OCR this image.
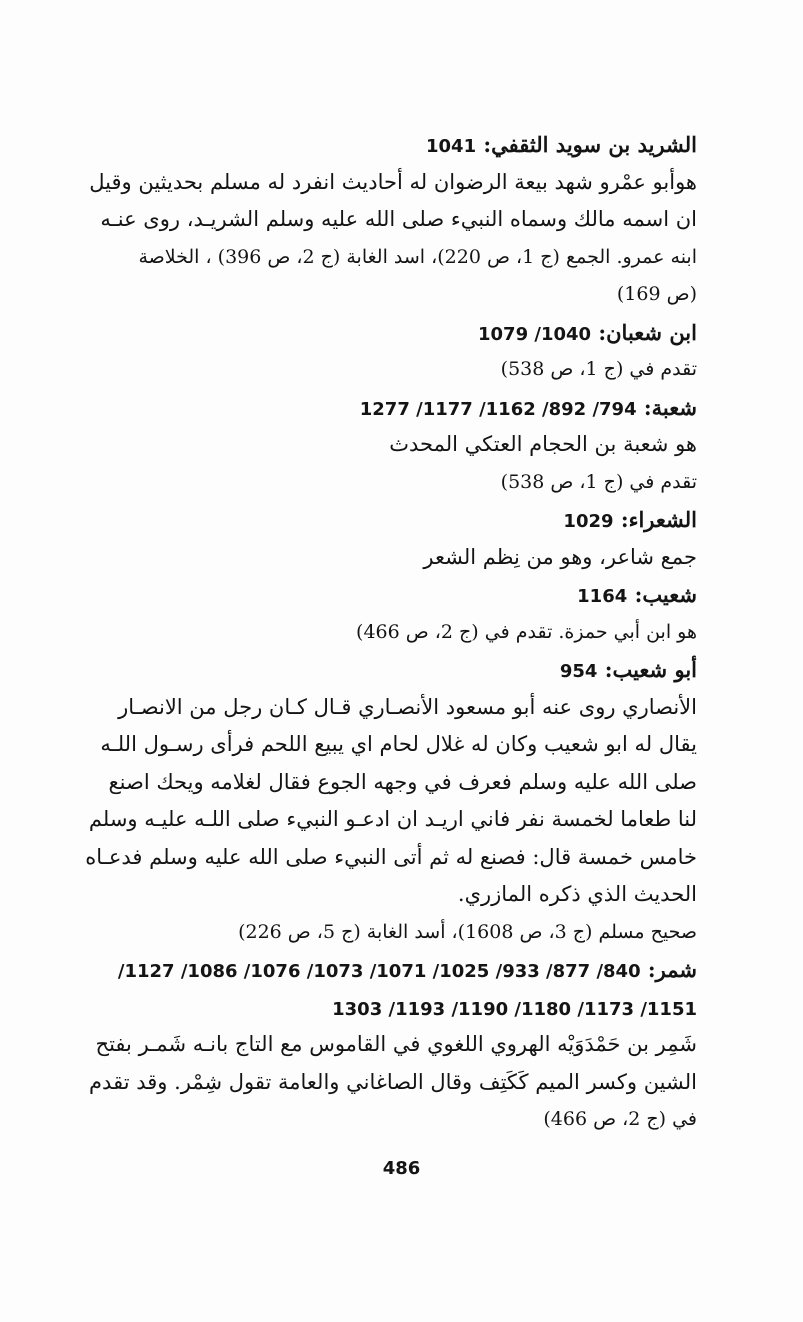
الشريد بن سويد الثقفي: 1041
هوأبو عمْرو شهد بيعة الرضوان له أحاديث انفرد له مسلم بحديثين وقيل
ان اسمه مالك وسماه النبيء صلى الله عليه وسلم الشريـد، روى عنـه
ابنه عمرو. الجمع (ج 1، ص 220)، اسد الغابة (ج 2، ص 396) ، الخلاصة
(ص 169)
ابن شعبان: 1040/ 1079
تقدم في (ج 1، ص 538)
شعبة: 794/ 892/ 1162/ 1177/ 1277
هو شعبة بن الحجام العتكي المحدث
تقدم في (ج 1، ص 538)
الشعراء: 1029
جمع شاعر، وهو من نِظم الشعر
شعيب: 1164
هو ابن أبي حمزة. تقدم في (ج 2، ص 466)
أبو شعيب: 954
الأنصاري روى عنه أبو مسعود الأنصـاري قـال كـان رجل من الانصـار
يقال له ابو شعيب وكان له غلال لحام اي يبيع اللحم فرأى رسـول اللـه
صلى الله عليه وسلم فعرف في وجهه الجوع فقال لغلامه ويحك اصنع
لنا طعاما لخمسة نفر فاني اريـد ان ادعـو النبيء صلى اللـه عليـه وسلم
خامس خمسة قال: فصنع له ثم أتى النبيء صلى الله عليه وسلم فدعـاه
الحديث الذي ذكره المازري.
صحيح مسلم (ج 3، ص 1608)، أسد الغابة (ج 5، ص 226)
شمر: 840/ 877/ 933/ 1025/ 1071/ 1073/ 1076/ 1086/ 1127/
1151/ 1173/ 1180/ 1190/ 1193/ 1303
شَمِر بن حَمْدَوَيْه الهروي اللغوي في القاموس مع التاج بانـه شَمـر بفتح
الشين وكسر الميم كَكَتِف وقال الصاغاني والعامة تقول شِمْر. وقد تقدم
في (ج 2، ص 466)
486
